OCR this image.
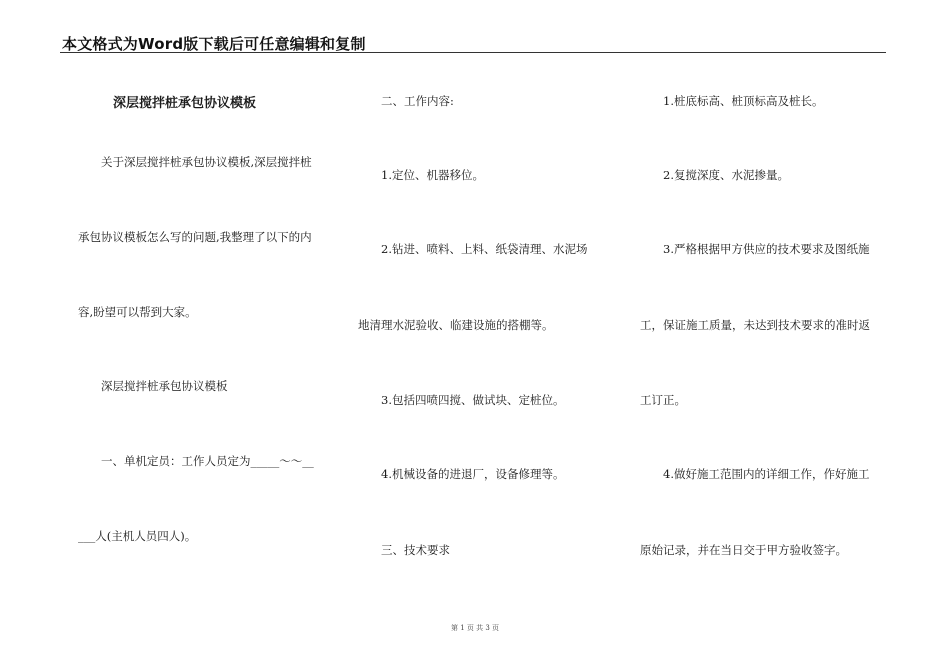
本文格式为Word版下载后可任意编辑和复制
深层搅拌桩承包协议模板
关于深层搅拌桩承包协议模板,深层搅拌桩
承包协议模板怎么写的问题,我整理了以下的内
容,盼望可以帮到大家。
深层搅拌桩承包协议模板
一、单机定员：工作人员定为_____～～__
___人(主机人员四人)。
二、工作内容:
1.定位、机器移位。
2.钻进、喷料、上料、纸袋清理、水泥场
地清理水泥验收、临建设施的搭棚等。
3.包括四喷四搅、做试块、定桩位。
4.机械设备的进退厂，设备修理等。
三、技术要求
1.桩底标高、桩顶标高及桩长。
2.复搅深度、水泥掺量。
3.严格根据甲方供应的技术要求及图纸施
工，保证施工质量，未达到技术要求的准时返
工订正。
4.做好施工范围内的详细工作，作好施工
原始记录，并在当日交于甲方验收签字。
第 1 页 共 3 页
